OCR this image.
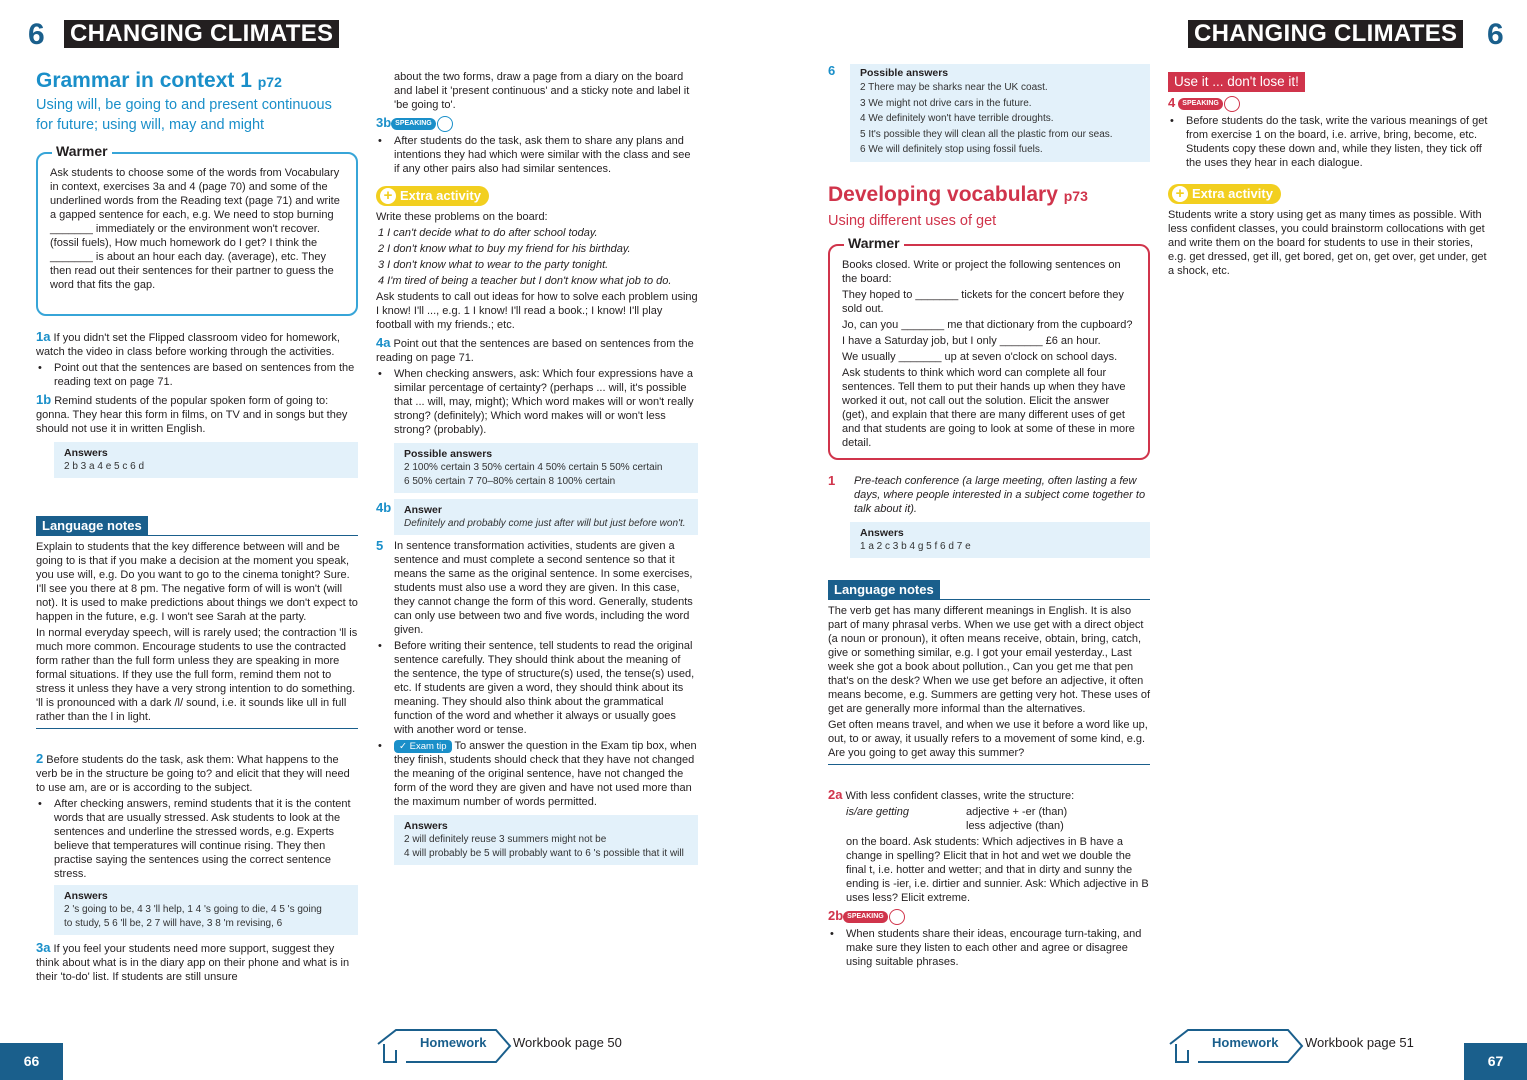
6 CHANGING CLIMATES	CHANGING CLIMATES 6
Grammar in context 1 p72
Using will, be going to and present continuous
for future; using will, may and might
Warmer

Ask students to choose some of the words from Vocabulary in context, exercises 3a and 4 (page 70) and some of the underlined words from the Reading text (page 71) and write a gapped sentence for each, e.g. We need to stop burning _______ immediately or the environment won't recover. (fossil fuels), How much homework do I get? I think the _______ is about an hour each day. (average), etc. They then read out their sentences for their partner to guess the word that fits the gap.

1a If you didn't set the Flipped classroom video for homework, watch the video in class before working through the activities.

• Point out that the sentences are based on sentences from the reading text on page 71.

1b Remind students of the popular spoken form of going to: gonna. They hear this form in films, on TV and in songs but they should not use it in written English.

Answers
2 b 3 a 4 e 5 c 6 d
Language notes

Explain to students that the key difference between will and be going to is that if you make a decision at the moment you speak, you use will, e.g. Do you want to go to the cinema tonight? Sure. I'll see you there at 8 pm. The negative form of will is won't (will not). It is used to make predictions about things we don't expect to happen in the future, e.g. I won't see Sarah at the party.

In normal everyday speech, will is rarely used; the contraction 'll is much more common. Encourage students to use the contracted form rather than the full form unless they are speaking in more formal situations. If they use the full form, remind them not to stress it unless they have a very strong intention to do something. 'll is pronounced with a dark /l/ sound, i.e. it sounds like ull in full rather than the l in light.

2 Before students do the task, ask them: What happens to the verb be in the structure be going to? and elicit that they will need to use am, are or is according to the subject.

• After checking answers, remind students that it is the content words that are usually stressed. Ask students to look at the sentences and underline the stressed words, e.g. Experts believe that temperatures will continue rising. They then practise saying the sentences using the correct sentence stress.

Answers
2 's going to be, 4 3 'll help, 1 4 's going to die, 4 5 's going
to study, 5 6 'll be, 2 7 will have, 3 8 'm revising, 6

3a If you feel your students need more support, suggest they think about what is in the diary app on their phone and what is in their 'to-do' list. If students are still unsure

about the two forms, draw a page from a diary on the board and label it 'present continuous' and a sticky note and label it 'be going to'.

3b SPEAKING

• After students do the task, ask them to share any plans and intentions they had which were similar with the class and see if any other pairs also had similar sentences.

+ Extra activity

Write these problems on the board:

1 I can't decide what to do after school today.

2 I don't know what to buy my friend for his birthday.

3 I don't know what to wear to the party tonight.

4 I'm tired of being a teacher but I don't know what job to do.

Ask students to call out ideas for how to solve each problem using I know! I'll ..., e.g. 1 I know! I'll read a book.; I know! I'll play football with my friends.; etc.

4a Point out that the sentences are based on sentences from the reading on page 71.

• When checking answers, ask: Which four expressions have a similar percentage of certainty? (perhaps ... will, it's possible that ... will, may, might); Which word makes will or won't really strong? (definitely); Which word makes will or won't less strong? (probably).

Possible answers
2 100% certain 3 50% certain 4 50% certain 5 50% certain
6 50% certain 7 70–80% certain 8 100% certain
4b Answer
Definitely and probably come just after will but just before won't.

5 In sentence transformation activities, students are given a sentence and must complete a second sentence so that it means the same as the original sentence. In some exercises, students must also use a word they are given. In this case, they cannot change the form of this word. Generally, students can only use between two and five words, including the word given.

• Before writing their sentence, tell students to read the original sentence carefully. They should think about the meaning of the sentence, the type of structure(s) used, the tense(s) used, etc. If students are given a word, they should think about its meaning. They should also think about the grammatical function of the word and whether it always or usually goes with another word or tense.

• ✓ Exam tip To answer the question in the Exam tip box, when they finish, students should check that they have not changed the meaning of the original sentence, have not changed the form of the word they are given and have not used more than the maximum number of words permitted.

Answers
2 will definitely reuse 3 summers might not be
4 will probably be 5 will probably want to 6 's possible that it will
Homework Workbook page 50
66
6 Possible answers
2 There may be sharks near the UK coast.
3 We might not drive cars in the future.
4 We definitely won't have terrible droughts.
5 It's possible they will clean all the plastic from our seas.
6 We will definitely stop using fossil fuels.
Developing vocabulary p73
Using different uses of get
Warmer

Books closed. Write or project the following sentences on the board:

They hoped to _______ tickets for the concert before they sold out.

Jo, can you _______ me that dictionary from the cupboard?

I have a Saturday job, but I only _______ £6 an hour.

We usually _______ up at seven o'clock on school days.

Ask students to think which word can complete all four sentences. Tell them to put their hands up when they have worked it out, not call out the solution. Elicit the answer (get), and explain that there are many different uses of get and that students are going to look at some of these in more detail.

1 Pre-teach conference (a large meeting, often lasting a few days, where people interested in a subject come together to talk about it).

Answers
1 a 2 c 3 b 4 g 5 f 6 d 7 e
Language notes

The verb get has many different meanings in English. It is also part of many phrasal verbs. When we use get with a direct object (a noun or pronoun), it often means receive, obtain, bring, catch, give or something similar, e.g. I got your email yesterday., Last week she got a book about pollution., Can you get me that pen that's on the desk? When we use get before an adjective, it often means become, e.g. Summers are getting very hot. These uses of get are generally more informal than the alternatives.

Get often means travel, and when we use it before a word like up, out, to or away, it usually refers to a movement of some kind, e.g. Are you going to get away this summer?

2a With less confident classes, write the structure:

is/are getting	adjective + -er (than)
less adjective (than)

on the board. Ask students: Which adjectives in B have a change in spelling? Elicit that in hot and wet we double the final t, i.e. hotter and wetter; and that in dirty and sunny the ending is -ier, i.e. dirtier and sunnier. Ask: Which adjective in B uses less? Elicit extreme.

2b SPEAKING

• When students share their ideas, encourage turn-taking, and make sure they listen to each other and agree or disagree using suitable phrases.

Use it ... don't lose it!

4 SPEAKING

• Before students do the task, write the various meanings of get from exercise 1 on the board, i.e. arrive, bring, become, etc. Students copy these down and, while they listen, they tick off the uses they hear in each dialogue.

+ Extra activity

Students write a story using get as many times as possible. With less confident classes, you could brainstorm collocations with get and write them on the board for students to use in their stories, e.g. get dressed, get ill, get bored, get on, get over, get under, get a shock, etc.

Homework Workbook page 51
67
